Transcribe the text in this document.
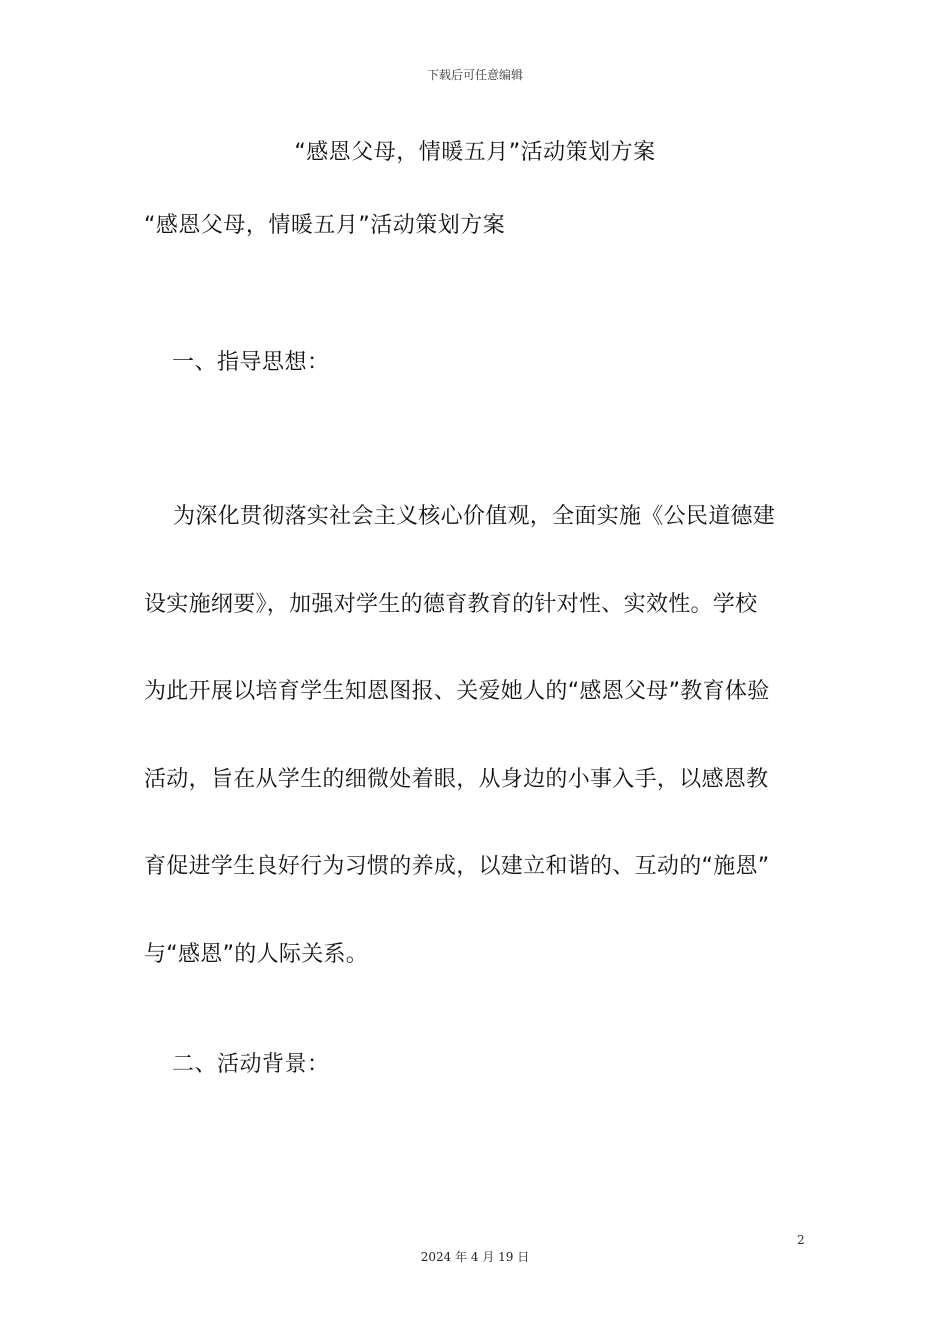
下载后可任意编辑
“感恩父母，情暖五月”活动策划方案
“感恩父母，情暖五月”活动策划方案
一、指导思想：
为深化贯彻落实社会主义核心价值观，全面实施《公民道德建
设实施纲要》，加强对学生的德育教育的针对性、实效性。学校
为此开展以培育学生知恩图报、关爱她人的“感恩父母”教育体验
活动，旨在从学生的细微处着眼，从身边的小事入手，以感恩教
育促进学生良好行为习惯的养成，以建立和谐的、互动的“施恩”
与“感恩”的人际关系。
二、活动背景：
2
2024 年 4 月 19 日
